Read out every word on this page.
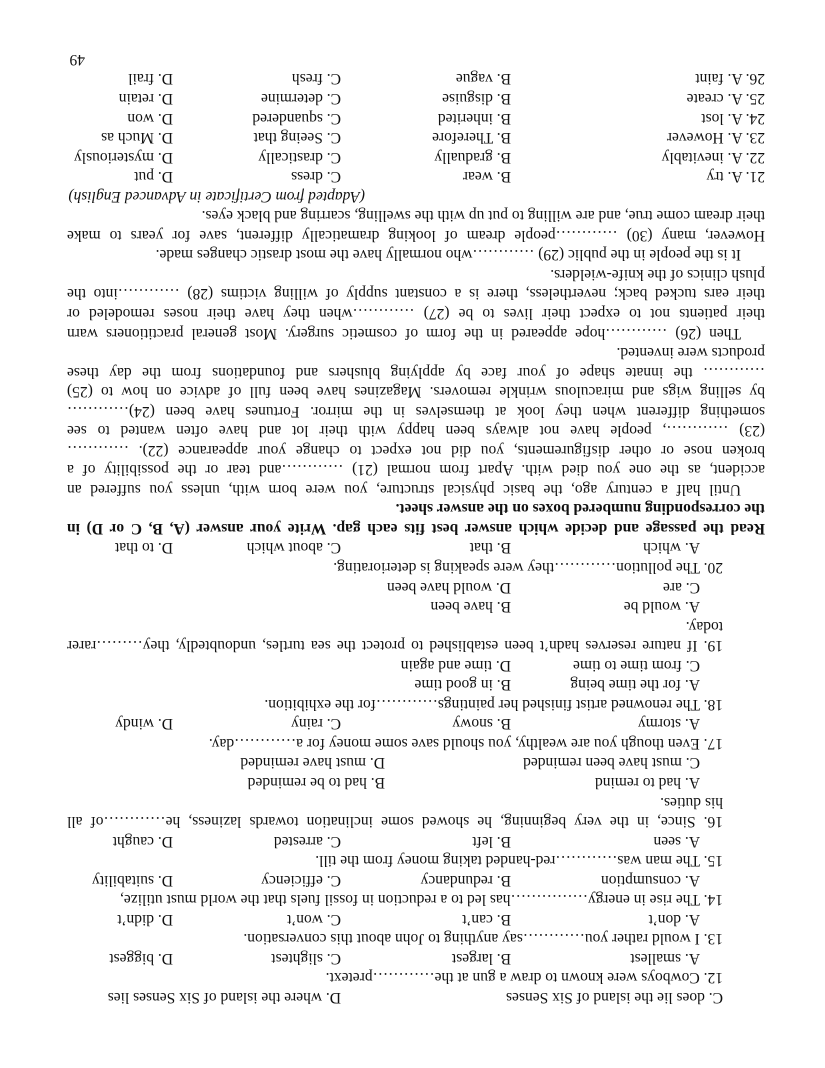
C. does lie the island of Six Senses
D. where the island of Six Senses lies
12. Cowboys were known to draw a gun at the…………pretext.
A. smallest
B. largest
C. slightest
D. biggest
13. I would rather you…………say anything to John about this conversation.
A. don’t
B. can’t
C. won’t
D. didn’t
14. The rise in energy……………has led to a reduction in fossil fuels that the world must utilize,
A. consumption
B. redundancy
C. efficiency
D. suitability
15. The man was…………red-handed taking money from the till.
A. seen
B. left
C. arrested
D. caught
16. Since, in the very beginning, he showed some inclination towards laziness, he…………of all
his duties.
A. had to remind
B. had to be reminded
C. must have been reminded
D. must have reminded
17. Even though you are wealthy, you should save some money for a…………day.
A. stormy
B. snowy
C. rainy
D. windy
18. The renowned artist finished her paintings…………for the exhibition.
A. for the time being
B. in good time
C. from time to time
D. time and again
19. If nature reserves hadn’t been established to protect the sea turtles, undoubtedly, they………rarer
today.
A. would be
B. have been
C. are
D. would have been
20. The pollution…………they were speaking is deteriorating.
A. which
B. that
C. about which
D. to that
Read the passage and decide which answer best fits each gap. Write your answer (A, B, C or D) in
the corresponding numbered boxes on the answer sheet.
Until half a century ago, the basic physical structure, you were born with, unless you suffered an
accident, as the one you died with. Apart from normal (21) …………and tear or the possibility of a
broken nose or other disfigurements, you did not expect to change your appearance (22). …………
(23) …………, people have not always been happy with their lot and have often wanted to see
something different when they look at themselves in the mirror. Fortunes have been (24)…………
by selling wigs and miraculous wrinkle removers. Magazines have been full of advice on how to (25)
………… the innate shape of your face by applying blushers and foundations from the day these
products were invented.
Then (26) …………hope appeared in the form of cosmetic surgery. Most general practitioners warn
their patients not to expect their lives to be (27) …………when they have their noses remodeled or
their ears tucked back; nevertheless, there is a constant supply of willing victims (28) …………into the
plush clinics of the knife-wielders.
It is the people in the public (29) …………who normally have the most drastic changes made.
However, many (30) …………people dream of looking dramatically different, save for years to make
their dream come true, and are willing to put up with the swelling, scarring and black eyes.
(Adapted from Certificate in Advanced English)
21. A. try
B. wear
C. dress
D. put
22. A. inevitably
B. gradually
C. drastically
D. mysteriously
23. A. However
B. Therefore
C. Seeing that
D. Much as
24. A. lost
B. inherited
C. squandered
D. won
25. A. create
B. disguise
C. determine
D. retain
26. A. faint
B. vague
C. fresh
D. frail
49
